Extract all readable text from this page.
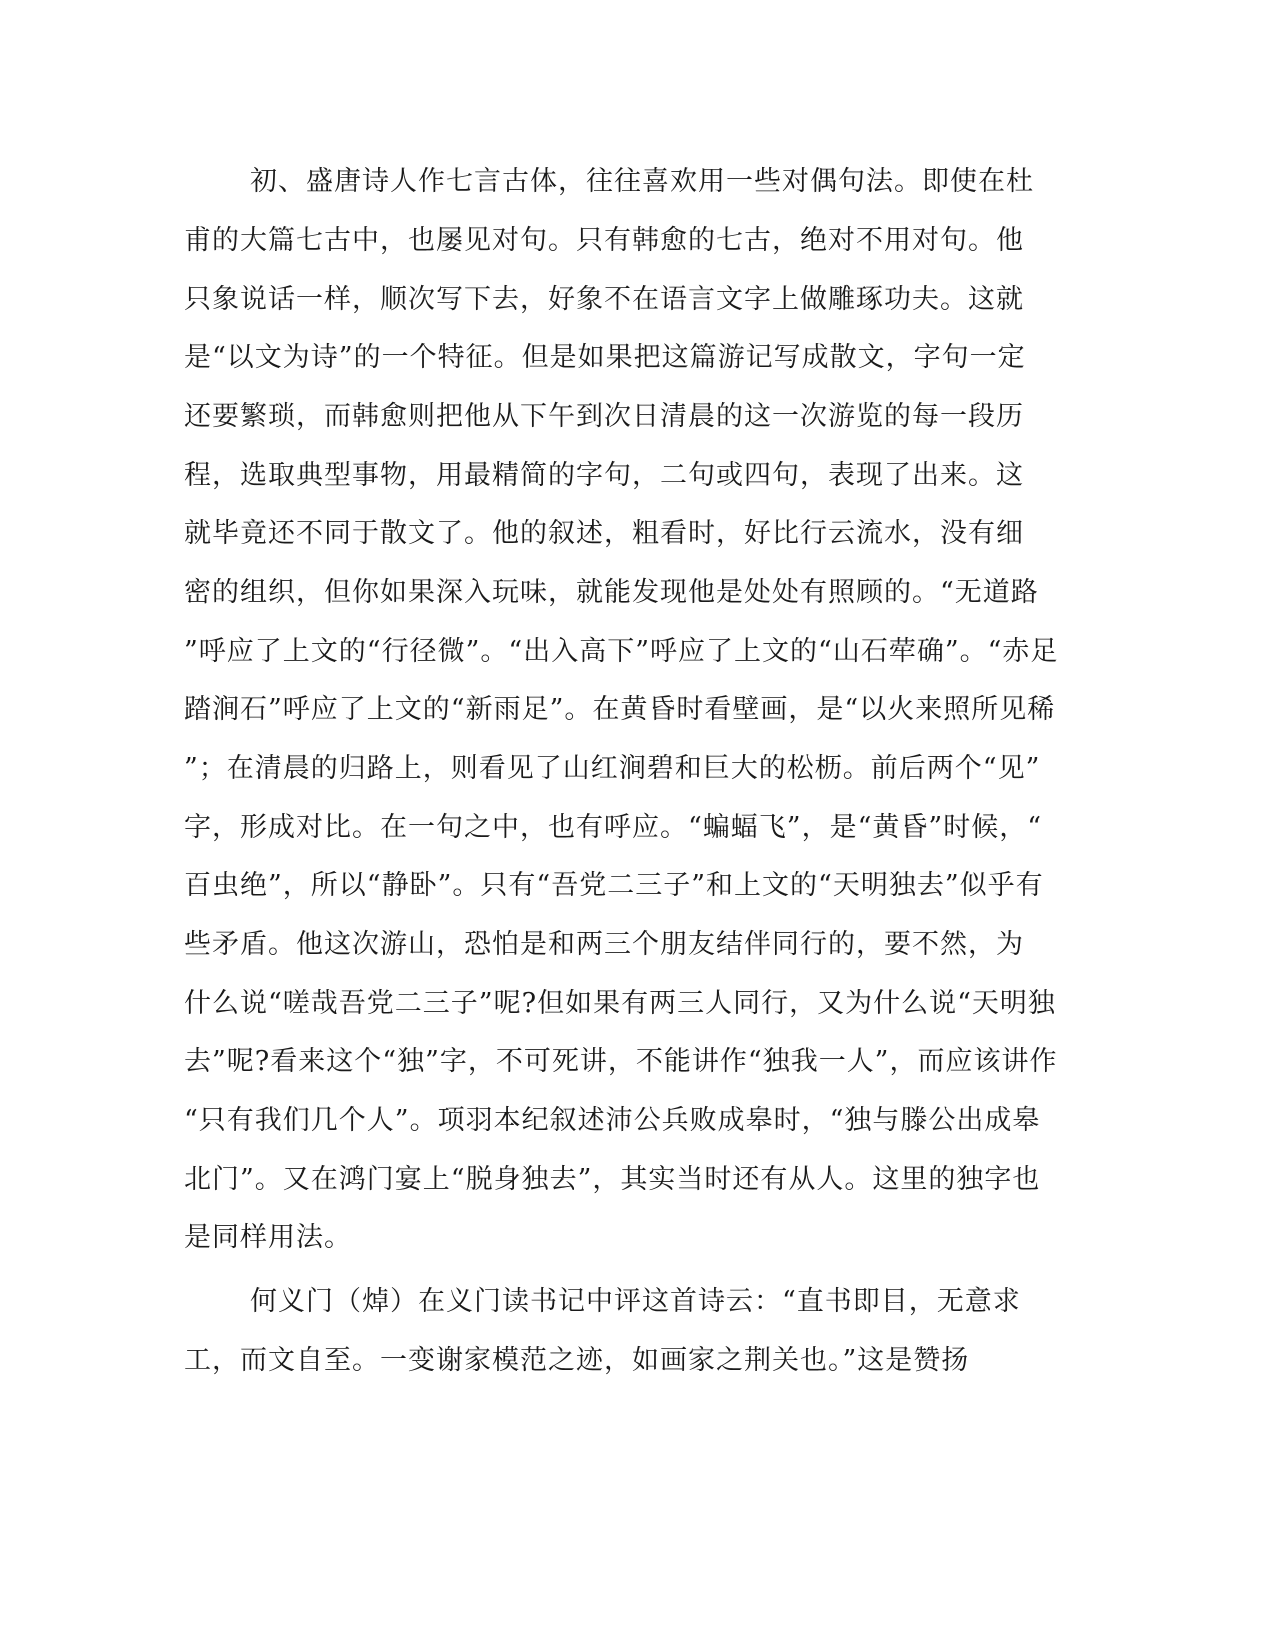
初、盛唐诗人作七言古体，往往喜欢用一些对偶句法。即使在杜

甫的大篇七古中，也屡见对句。只有韩愈的七古，绝对不用对句。他

只象说话一样，顺次写下去，好象不在语言文字上做雕琢功夫。这就

是“以文为诗”的一个特征。但是如果把这篇游记写成散文，字句一定

还要繁琐，而韩愈则把他从下午到次日清晨的这一次游览的每一段历

程，选取典型事物，用最精简的字句，二句或四句，表现了出来。这

就毕竟还不同于散文了。他的叙述，粗看时，好比行云流水，没有细

密的组织，但你如果深入玩味，就能发现他是处处有照顾的。“无道路

”呼应了上文的“行径微”。“出入高下”呼应了上文的“山石荦确”。“赤足

踏涧石”呼应了上文的“新雨足”。在黄昏时看壁画，是“以火来照所见稀

”；在清晨的归路上，则看见了山红涧碧和巨大的松枥。前后两个“见”

字，形成对比。在一句之中，也有呼应。“蝙蝠飞”，是“黄昏”时候，“

百虫绝”，所以“静卧”。只有“吾党二三子”和上文的“天明独去”似乎有

些矛盾。他这次游山，恐怕是和两三个朋友结伴同行的，要不然，为

什么说“嗟哉吾党二三子”呢?但如果有两三人同行，又为什么说“天明独

去”呢?看来这个“独”字，不可死讲，不能讲作“独我一人”，而应该讲作

“只有我们几个人”。项羽本纪叙述沛公兵败成皋时，“独与滕公出成皋

北门”。又在鸿门宴上“脱身独去”，其实当时还有从人。这里的独字也

是同样用法。

何义门（焯）在义门读书记中评这首诗云：“直书即目，无意求

工，而文自至。一变谢家模范之迹，如画家之荆关也。”这是赞扬
